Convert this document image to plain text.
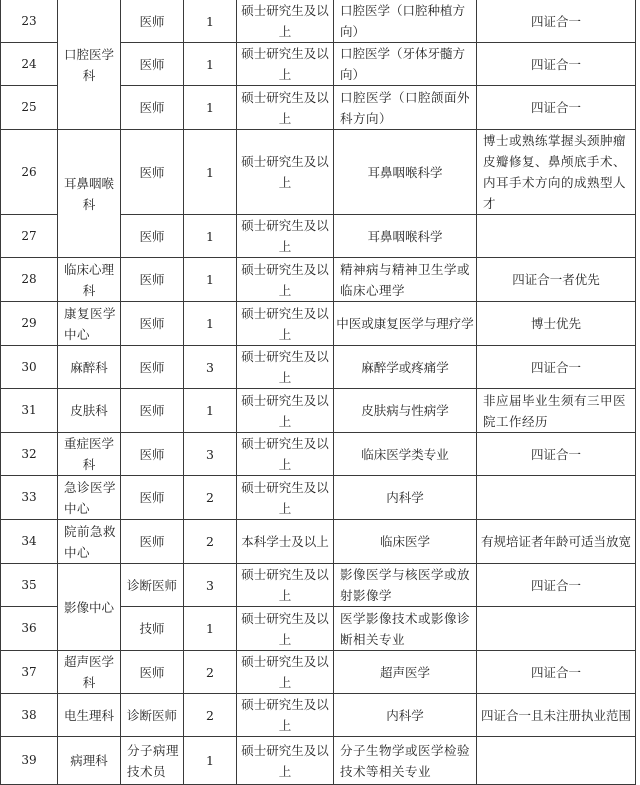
23	口腔医学科	医师	1	硕士研究生及以上	口腔医学（口腔种植方向）	四证合一
24		医师	1	硕士研究生及以上	口腔医学（牙体牙髓方向）	四证合一
25		医师	1	硕士研究生及以上	口腔医学（口腔颌面外科方向）	四证合一
26	耳鼻咽喉科	医师	1	硕士研究生及以上	耳鼻咽喉科学	博士或熟练掌握头颈肿瘤皮瓣修复、鼻颅底手术、内耳手术方向的成熟型人才
27		医师	1	硕士研究生及以上	耳鼻咽喉科学	
28	临床心理科	医师	1	硕士研究生及以上	精神病与精神卫生学或临床心理学	四证合一者优先
29	康复医学中心	医师	1	硕士研究生及以上	中医或康复医学与理疗学	博士优先
30	麻醉科	医师	3	硕士研究生及以上	麻醉学或疼痛学	四证合一
31	皮肤科	医师	1	硕士研究生及以上	皮肤病与性病学	非应届毕业生须有三甲医院工作经历
32	重症医学科	医师	3	硕士研究生及以上	临床医学类专业	四证合一
33	急诊医学中心	医师	2	硕士研究生及以上	内科学	
34	院前急救中心	医师	2	本科学士及以上	临床医学	有规培证者年龄可适当放宽
35	影像中心	诊断医师	3	硕士研究生及以上	影像医学与核医学或放射影像学	四证合一
36		技师	1	硕士研究生及以上	医学影像技术或影像诊断相关专业	
37	超声医学科	医师	2	硕士研究生及以上	超声医学	四证合一
38	电生理科	诊断医师	2	硕士研究生及以上	内科学	四证合一且未注册执业范围
39	病理科	分子病理技术员	1	硕士研究生及以上	分子生物学或医学检验技术等相关专业	
